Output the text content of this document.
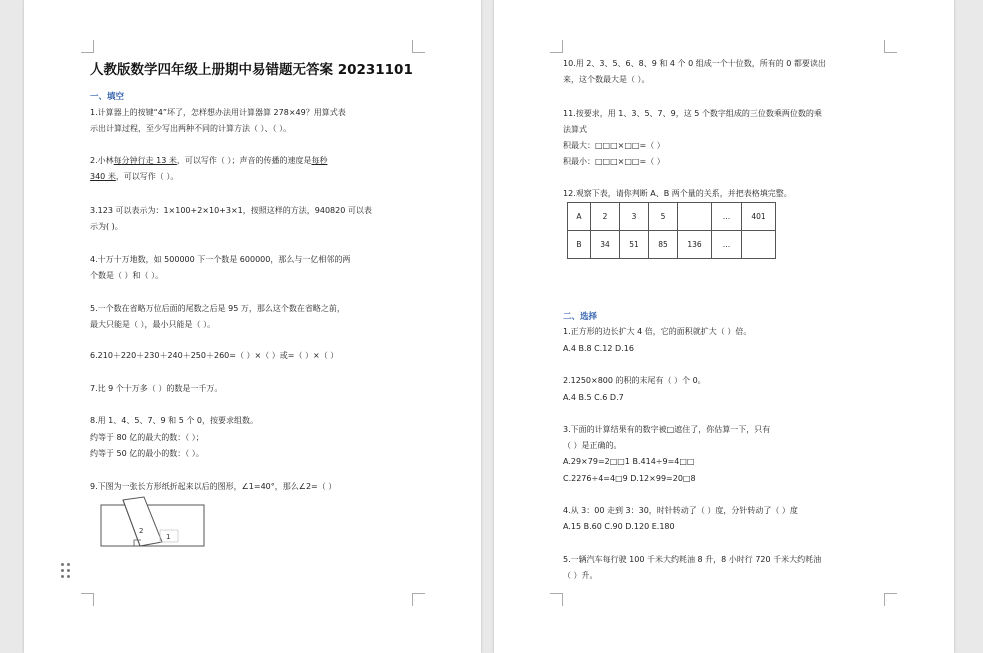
人教版数学四年级上册期中易错题无答案 20231101
一、填空
1.计算器上的按键“4”坏了，怎样想办法用计算器算 278×49？用算式表
示出计算过程，至少写出两种不同的计算方法（ ）、（ ）。
2.小林每分钟行走 13 米，可以写作（ ）；声音的传播的速度是每秒
340 米，可以写作（ ）。
3.123 可以表示为：1×100+2×10+3×1，按照这样的方法，940820 可以表
示为( )。
4.十万十万地数，如 500000 下一个数是 600000，那么与一亿相邻的两
个数是（ ）和（ ）。
5.一个数在省略万位后面的尾数之后是 95 万，那么这个数在省略之前，
最大只能是（ ），最小只能是（ ）。
6.210＋220＋230＋240＋250＋260=（ ）×（ ）或=（ ）×（ ）
7.比 9 个十万多（ ）的数是一千万。
8.用 1、4、5、7、9 和 5 个 0，按要求组数。
约等于 80 亿的最大的数：（ ）；
约等于 50 亿的最小的数：（ ）。
9.下图为一张长方形纸折起来以后的图形，∠1=40°，那么∠2=（ ）
2
1
10.用 2、3、5、6、8、9 和 4 个 0 组成一个十位数，所有的 0 都要读出
来，这个数最大是（ ）。
11.按要求，用 1、3、5、7、9，这 5 个数字组成的三位数乘两位数的乘
法算式
积最大：□□□×□□=（ ）
积最小：□□□×□□=（ ）
12.观察下表，请你判断 A、B 两个量的关系，并把表格填完整。
A	2	3	5		…	401
B	34	51	85	136	…	
二、选择
1.正方形的边长扩大 4 倍，它的面积就扩大（ ）倍。
A.4 B.8 C.12 D.16
2.1250×800 的积的末尾有（ ）个 0。
A.4 B.5 C.6 D.7
3.下面的计算结果有的数字被□遮住了，你估算一下，只有
（ ）是正确的。
A.29×79=2□□1 B.414÷9=4□□
C.2276÷4=4□9 D.12×99=20□8
4.从 3：00 走到 3：30，时针转动了（ ）度，分针转动了（ ）度
A.15 B.60 C.90 D.120 E.180
5.一辆汽车每行驶 100 千米大约耗油 8 升，8 小时行 720 千米大约耗油
（ ）升。
